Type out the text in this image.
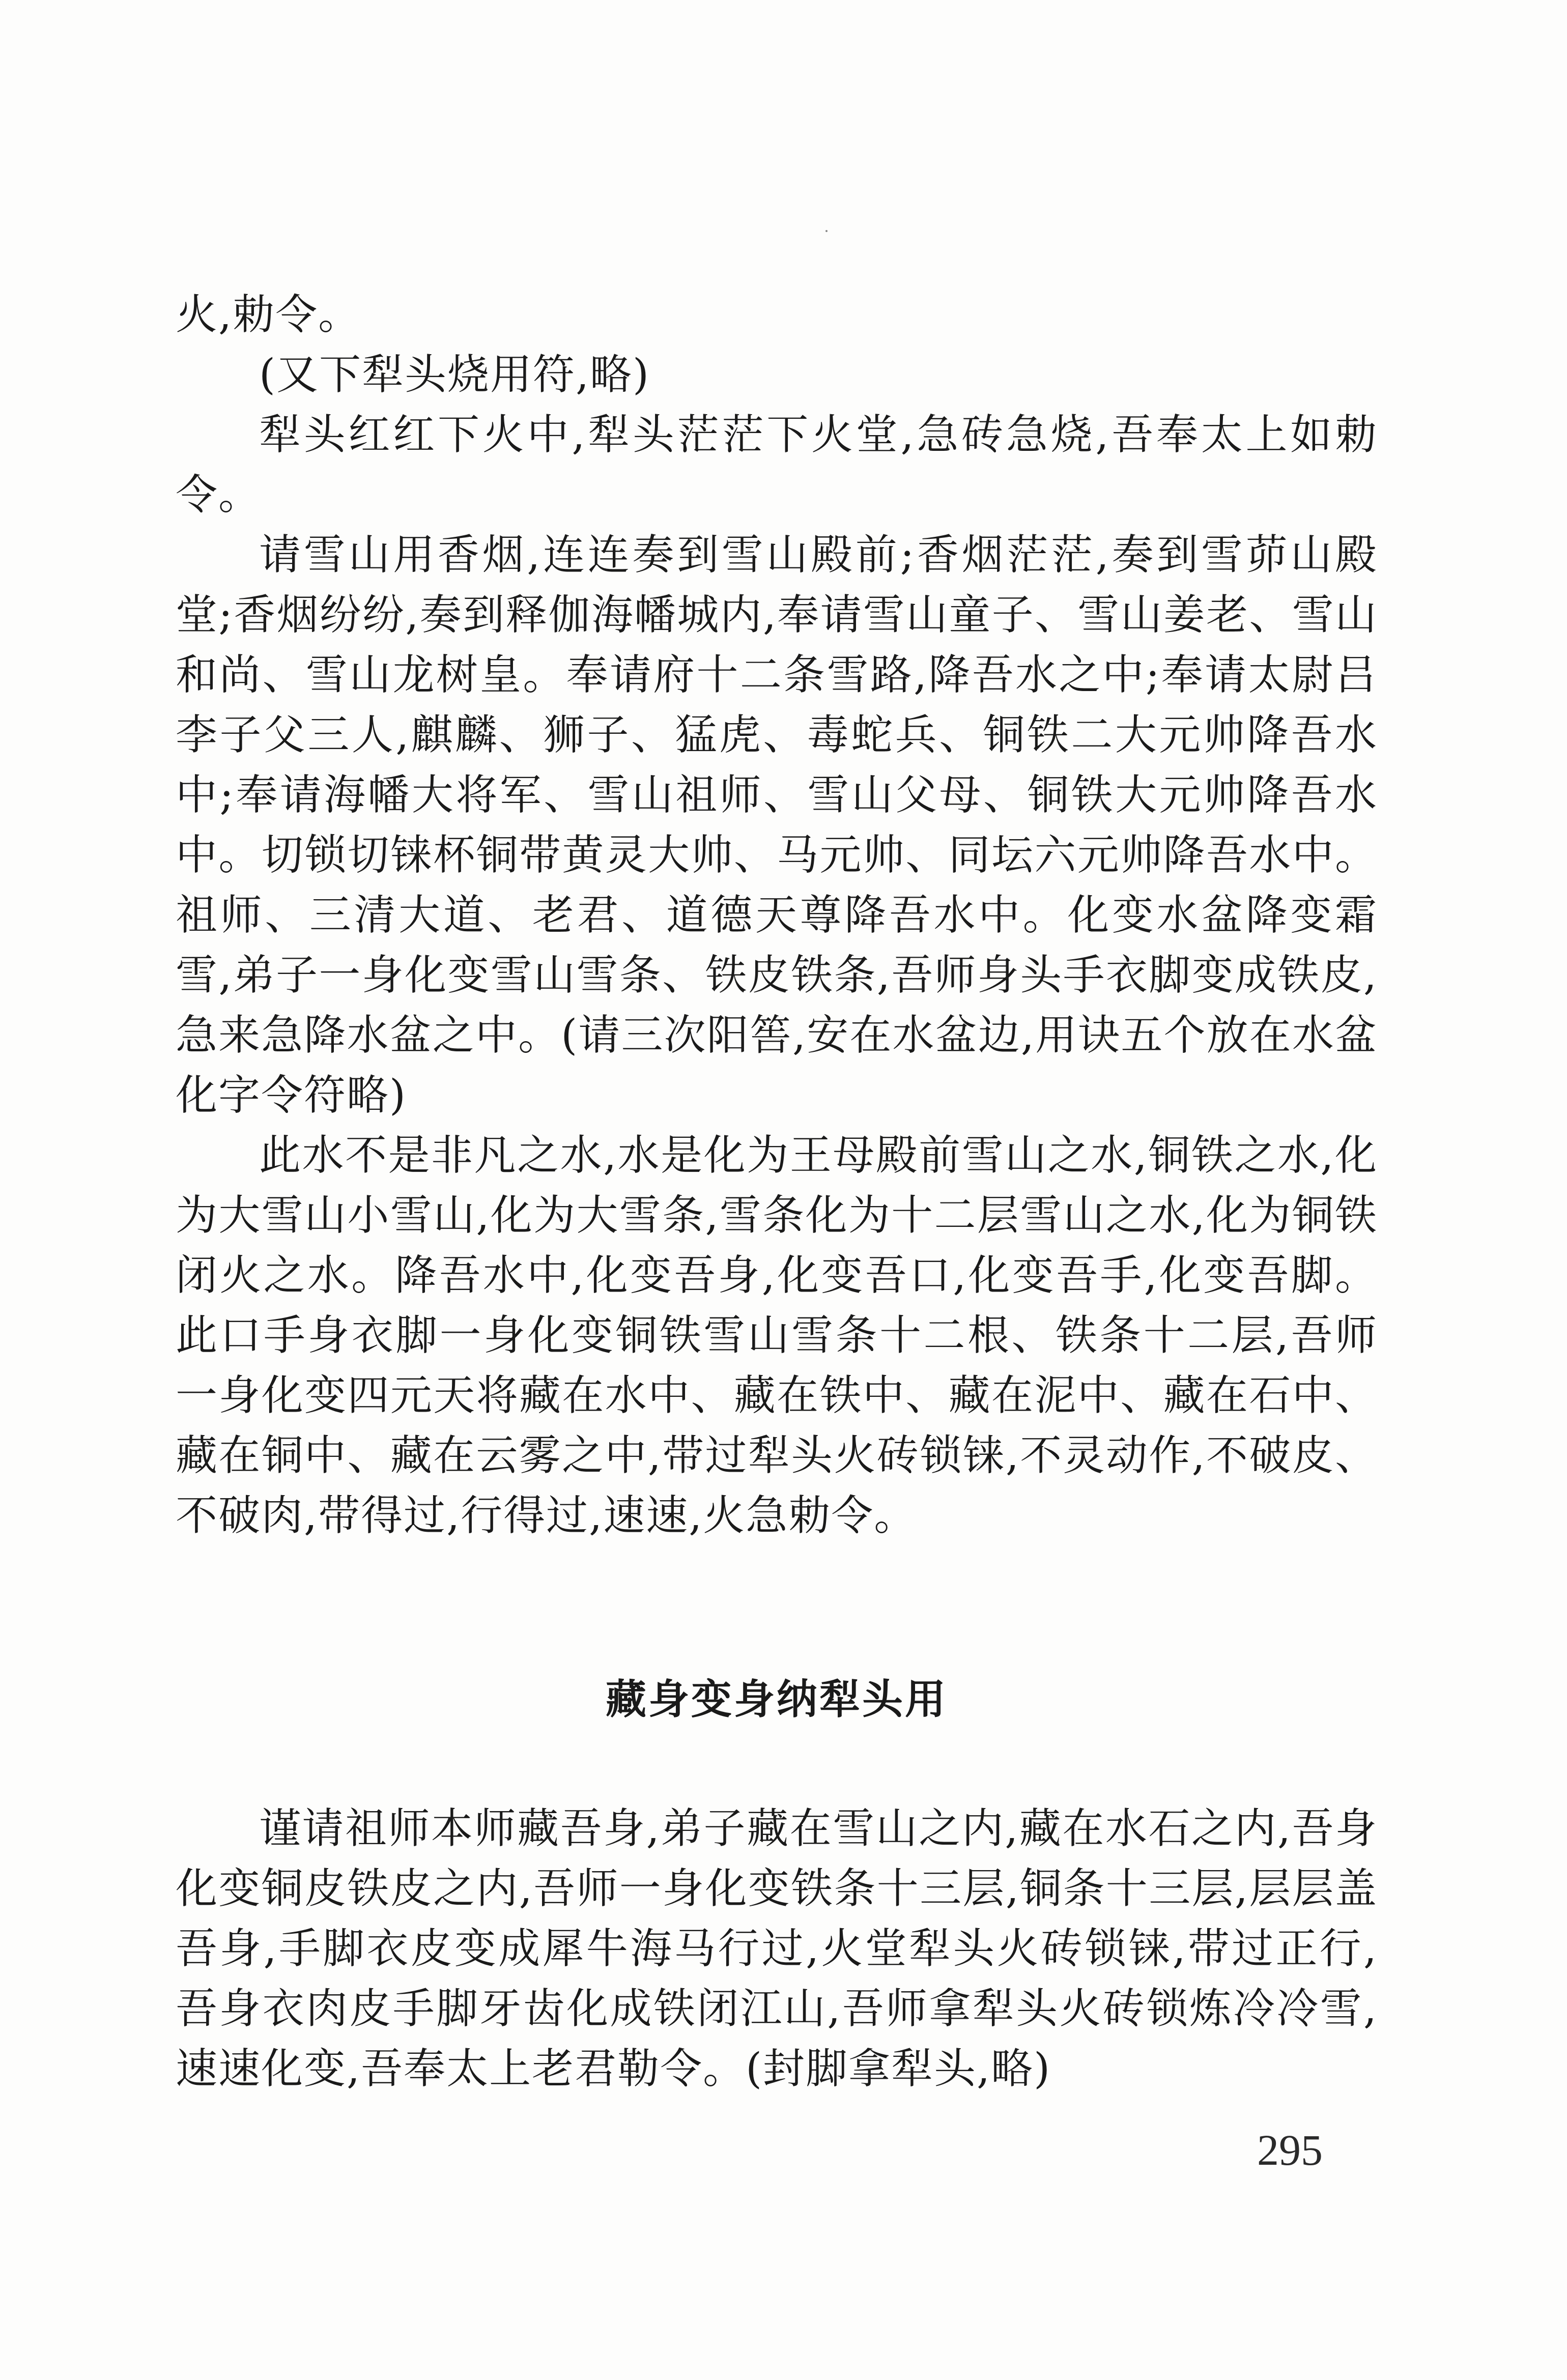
火,勅令。

(又下犁头烧用符,略)

犁头红红下火中,犁头茫茫下火堂,急砖急烧,吾奉太上如勅令。

请雪山用香烟,连连奏到雪山殿前;香烟茫茫,奏到雪茆山殿堂;香烟纷纷,奏到释伽海幡城内,奉请雪山童子、雪山姜老、雪山和尚、雪山龙树皇。奉请府十二条雪路,降吾水之中;奉请太尉吕李子父三人,麒麟、狮子、猛虎、毒蛇兵、铜铁二大元帅降吾水中;奉请海幡大将军、雪山祖师、雪山父母、铜铁大元帅降吾水中。切锁切铼杯铜带黄灵大帅、马元帅、同坛六元帅降吾水中。祖师、三清大道、老君、道德天尊降吾水中。化变水盆降变霜雪,弟子一身化变雪山雪条、铁皮铁条,吾师身头手衣脚变成铁皮,急来急降水盆之中。(请三次阳筶,安在水盆边,用诀五个放在水盆化字令符略)

此水不是非凡之水,水是化为王母殿前雪山之水,铜铁之水,化为大雪山小雪山,化为大雪条,雪条化为十二层雪山之水,化为铜铁闭火之水。降吾水中,化变吾身,化变吾口,化变吾手,化变吾脚。此口手身衣脚一身化变铜铁雪山雪条十二根、铁条十二层,吾师一身化变四元天将藏在水中、藏在铁中、藏在泥中、藏在石中、藏在铜中、藏在云雾之中,带过犁头火砖锁铼,不灵动作,不破皮、不破肉,带得过,行得过,速速,火急勅令。

藏身变身纳犁头用

谨请祖师本师藏吾身,弟子藏在雪山之内,藏在水石之内,吾身化变铜皮铁皮之内,吾师一身化变铁条十三层,铜条十三层,层层盖吾身,手脚衣皮变成犀牛海马行过,火堂犁头火砖锁铼,带过正行,吾身衣肉皮手脚牙齿化成铁闭江山,吾师拿犁头火砖锁炼冷冷雪,速速化变,吾奉太上老君勒令。(封脚拿犁头,略)

295
